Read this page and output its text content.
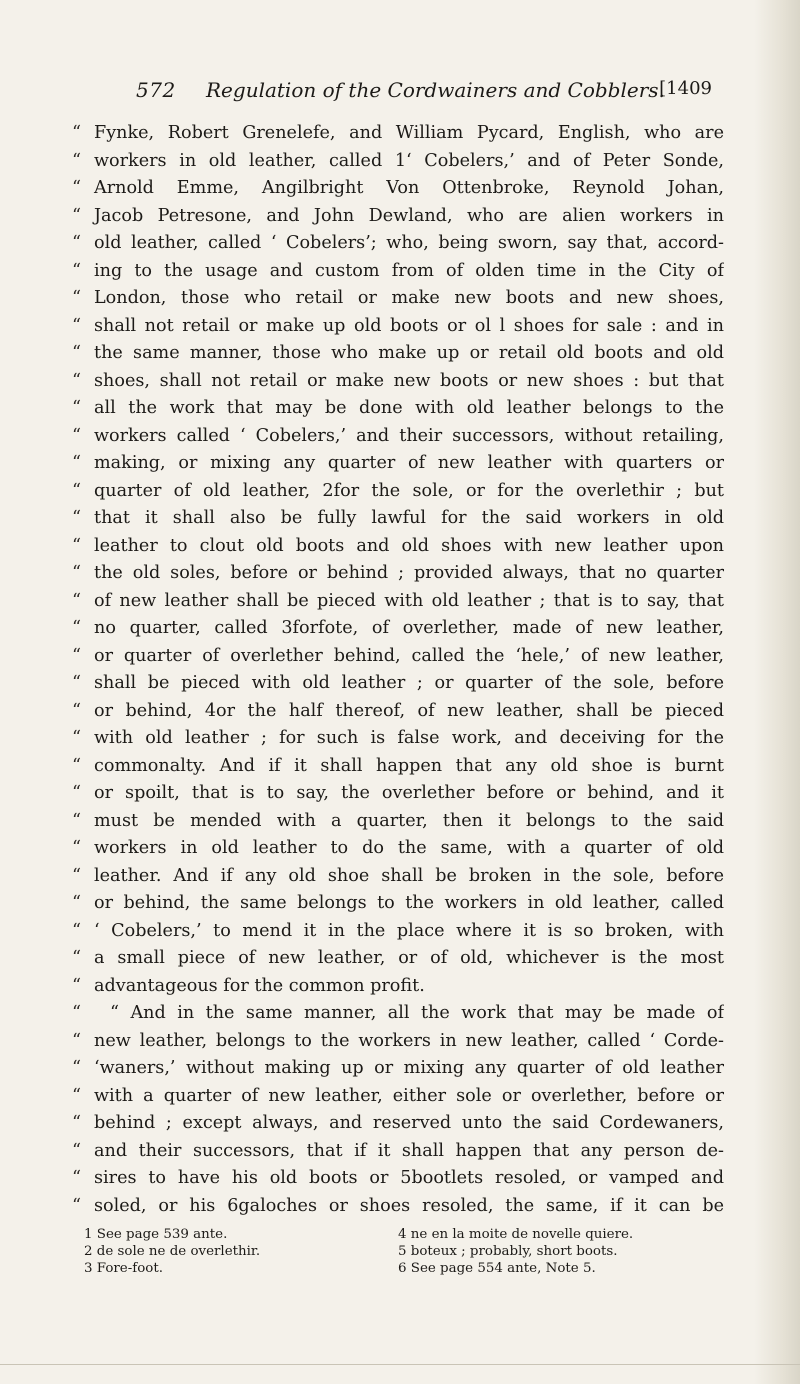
572 Regulation of the Cordwainers and Cobblers.
[1409
“ Fynke, Robert Grenelefe, and William Pycard, English, who are
“ workers in old leather, called 1‘ Cobelers,’ and of Peter Sonde,
“ Arnold Emme, Angilbright Von Ottenbroke, Reynold Johan,
“ Jacob Petresone, and John Dewland, who are alien workers in
“ old leather, called ‘ Cobelers’; who, being sworn, say that, accord-
“ ing to the usage and custom from of olden time in the City of
“ London, those who retail or make new boots and new shoes,
“ shall not retail or make up old boots or ol l shoes for sale : and in
“ the same manner, those who make up or retail old boots and old
“ shoes, shall not retail or make new boots or new shoes : but that
“ all the work that may be done with old leather belongs to the
“ workers called ‘ Cobelers,’ and their successors, without retailing,
“ making, or mixing any quarter of new leather with quarters or
“ quarter of old leather, 2for the sole, or for the overlethir ; but
“ that it shall also be fully lawful for the said workers in old
“ leather to clout old boots and old shoes with new leather upon
“ the old soles, before or behind ; provided always, that no quarter
“ of new leather shall be pieced with old leather ; that is to say, that
“ no quarter, called 3forfote, of overlether, made of new leather,
“ or quarter of overlether behind, called the ‘hele,’ of new leather,
“ shall be pieced with old leather ; or quarter of the sole, before
“ or behind, 4or the half thereof, of new leather, shall be pieced
“ with old leather ; for such is false work, and deceiving for the
“ commonalty. And if it shall happen that any old shoe is burnt
“ or spoilt, that is to say, the overlether before or behind, and it
“ must be mended with a quarter, then it belongs to the said
“ workers in old leather to do the same, with a quarter of old
“ leather. And if any old shoe shall be broken in the sole, before
“ or behind, the same belongs to the workers in old leather, called
“ ‘ Cobelers,’ to mend it in the place where it is so broken, with
“ a small piece of new leather, or of old, whichever is the most
“ advantageous for the common profit.
“ “ And in the same manner, all the work that may be made of
“ new leather, belongs to the workers in new leather, called ‘ Corde-
“ ‘waners,’ without making up or mixing any quarter of old leather
“ with a quarter of new leather, either sole or overlether, before or
“ behind ; except always, and reserved unto the said Cordewaners,
“ and their successors, that if it shall happen that any person de-
“ sires to have his old boots or 5bootlets resoled, or vamped and
“ soled, or his 6galoches or shoes resoled, the same, if it can be
1 See page 539 ante.
2 de sole ne de overlethir.
3 Fore-foot.
4 ne en la moite de novelle quiere.
5 boteux ; probably, short boots.
6 See page 554 ante, Note 5.
